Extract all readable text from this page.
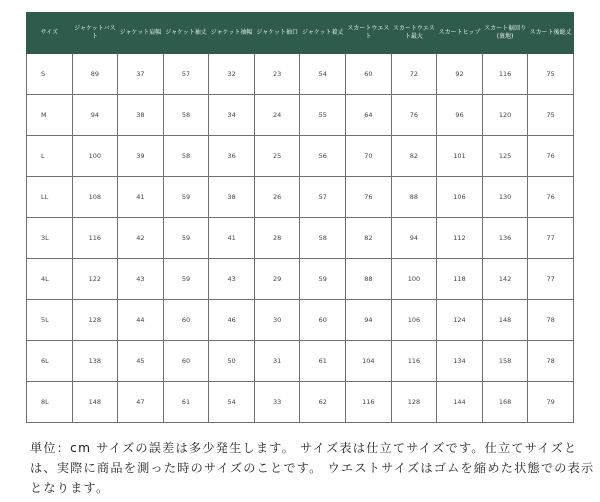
サイズ	ジャケットバスト	ジャケット肩幅	ジャケット袖丈	ジャケット袖幅	ジャケット袖口	ジャケット着丈	スカートウエスト	スカートウエスト最大	スカートヒップ	スカート裾回り(裏地)	スカート後総丈
S	89	37	57	32	23	54	60	72	92	116	75
M	94	38	58	34	24	55	64	76	96	120	75
L	100	39	58	36	25	56	70	82	101	125	76
LL	108	41	59	38	26	57	76	88	106	130	76
3L	116	42	59	41	28	58	82	94	112	136	77
4L	122	43	59	43	29	59	88	100	118	142	77
5L	128	44	60	46	30	60	94	106	124	148	78
6L	138	45	60	50	31	61	104	116	134	158	78
8L	148	47	61	54	33	62	116	128	144	168	79
単位：cm サイズの誤差は多少発生します。 サイズ表は仕立てサイズです。仕立てサイズとは、実際に商品を測った時のサイズのことです。 ウエストサイズはゴムを縮めた状態での表示となります。
